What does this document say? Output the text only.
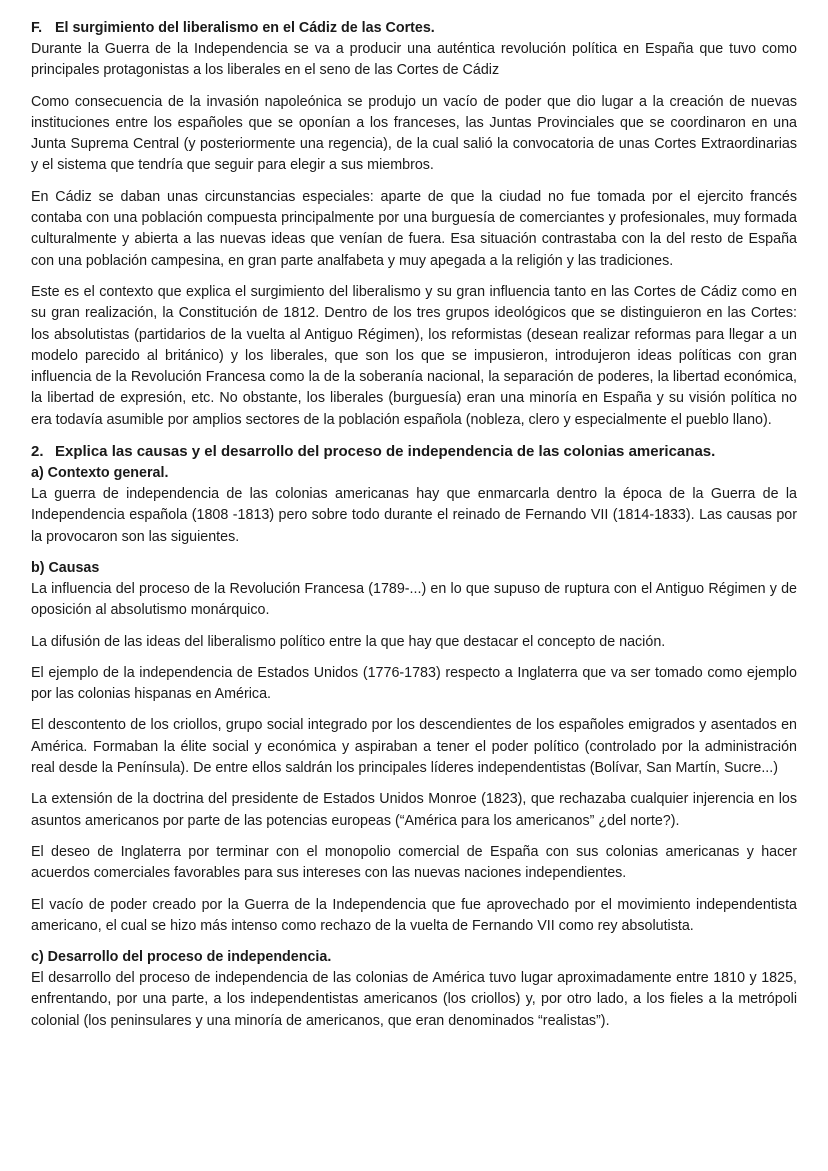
F. El surgimiento del liberalismo en el Cádiz de las Cortes.

Durante la Guerra de la Independencia se va a producir una auténtica revolución política en España que tuvo como principales protagonistas a los liberales en el seno de las Cortes de Cádiz

Como consecuencia de la invasión napoleónica se produjo un vacío de poder que dio lugar a la creación de nuevas instituciones entre los españoles que se oponían a los franceses, las Juntas Provinciales que se coordinaron en una Junta Suprema Central (y posteriormente una regencia), de la cual salió la convocatoria de unas Cortes Extraordinarias y el sistema que tendría que seguir para elegir a sus miembros.

En Cádiz se daban unas circunstancias especiales: aparte de que la ciudad no fue tomada por el ejercito francés contaba con una población compuesta principalmente por una burguesía de comerciantes y profesionales, muy formada culturalmente y abierta a las nuevas ideas que venían de fuera. Esa situación contrastaba con la del resto de España con una población campesina, en gran parte analfabeta y muy apegada a la religión y las tradiciones.

Este es el contexto que explica el surgimiento del liberalismo y su gran influencia tanto en las Cortes de Cádiz como en su gran realización, la Constitución de 1812. Dentro de los tres grupos ideológicos que se distinguieron en las Cortes: los absolutistas (partidarios de la vuelta al Antiguo Régimen), los reformistas (desean realizar reformas para llegar a un modelo parecido al británico) y los liberales, que son los que se impusieron, introdujeron ideas políticas con gran influencia de la Revolución Francesa como la de la soberanía nacional, la separación de poderes, la libertad económica, la libertad de expresión, etc. No obstante, los liberales (burguesía) eran una minoría en España y su visión política no era todavía asumible por amplios sectores de la población española (nobleza, clero y especialmente el pueblo llano).

2. Explica las causas y el desarrollo del proceso de independencia de las colonias americanas.
a) Contexto general.

La guerra de independencia de las colonias americanas hay que enmarcarla dentro la época de la Guerra de la Independencia española (1808 -1813) pero sobre todo durante el reinado de Fernando VII (1814-1833). Las causas por la provocaron son las siguientes.

b) Causas

La influencia del proceso de la Revolución Francesa (1789-...) en lo que supuso de ruptura con el Antiguo Régimen y de oposición al absolutismo monárquico.

La difusión de las ideas del liberalismo político entre la que hay que destacar el concepto de nación.

El ejemplo de la independencia de Estados Unidos (1776-1783) respecto a Inglaterra que va ser tomado como ejemplo por las colonias hispanas en América.

El descontento de los criollos, grupo social integrado por los descendientes de los españoles emigrados y asentados en América. Formaban la élite social y económica y aspiraban a tener el poder político (controlado por la administración real desde la Península). De entre ellos saldrán los principales líderes independentistas (Bolívar, San Martín, Sucre...)

La extensión de la doctrina del presidente de Estados Unidos Monroe (1823), que rechazaba cualquier injerencia en los asuntos americanos por parte de las potencias europeas (“América para los americanos” ¿del norte?).

El deseo de Inglaterra por terminar con el monopolio comercial de España con sus colonias americanas y hacer acuerdos comerciales favorables para sus intereses con las nuevas naciones independientes.

El vacío de poder creado por la Guerra de la Independencia que fue aprovechado por el movimiento independentista americano, el cual se hizo más intenso como rechazo de la vuelta de Fernando VII como rey absolutista.

c) Desarrollo del proceso de independencia.

El desarrollo del proceso de independencia de las colonias de América tuvo lugar aproximadamente entre 1810 y 1825, enfrentando, por una parte, a los independentistas americanos (los criollos) y, por otro lado, a los fieles a la metrópoli colonial (los peninsulares y una minoría de americanos, que eran denominados “realistas”).
